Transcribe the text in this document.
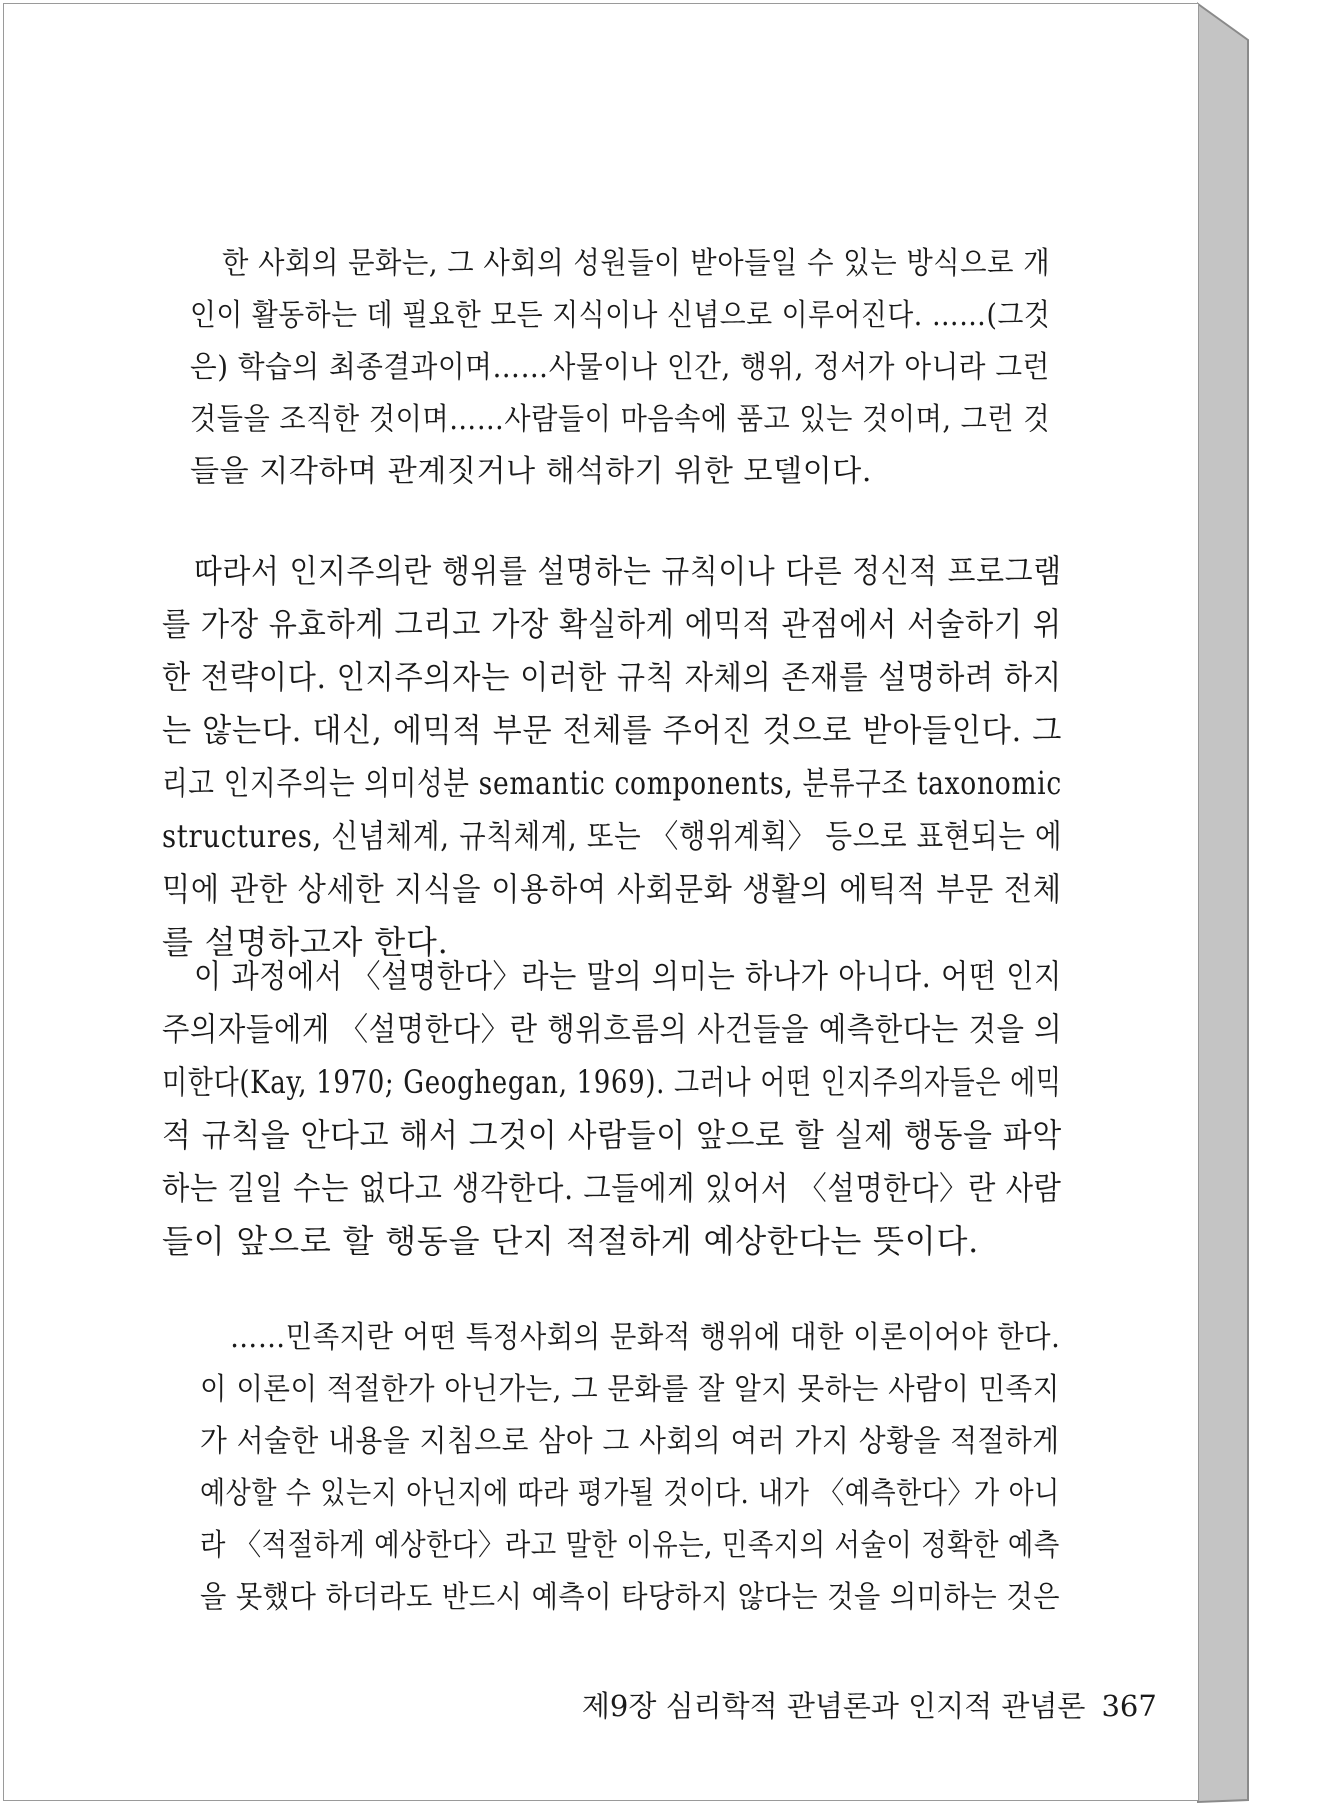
한 사회의 문화는, 그 사회의 성원들이 받아들일 수 있는 방식으로 개
인이 활동하는 데 필요한 모든 지식이나 신념으로 이루어진다. ……(그것
은) 학습의 최종결과이며……사물이나 인간, 행위, 정서가 아니라 그런
것들을 조직한 것이며……사람들이 마음속에 품고 있는 것이며, 그런 것
들을 지각하며 관계짓거나 해석하기 위한 모델이다.
따라서 인지주의란 행위를 설명하는 규칙이나 다른 정신적 프로그램
를 가장 유효하게 그리고 가장 확실하게 에믹적 관점에서 서술하기 위
한 전략이다. 인지주의자는 이러한 규칙 자체의 존재를 설명하려 하지
는 않는다. 대신, 에믹적 부문 전체를 주어진 것으로 받아들인다. 그
리고 인지주의는 의미성분 semantic components, 분류구조 taxonomic
structures, 신념체계, 규칙체계, 또는 〈행위계획〉 등으로 표현되는 에
믹에 관한 상세한 지식을 이용하여 사회문화 생활의 에틱적 부문 전체
를 설명하고자 한다.
이 과정에서 〈설명한다〉라는 말의 의미는 하나가 아니다. 어떤 인지
주의자들에게 〈설명한다〉란 행위흐름의 사건들을 예측한다는 것을 의
미한다(Kay, 1970; Geoghegan, 1969). 그러나 어떤 인지주의자들은 에믹
적 규칙을 안다고 해서 그것이 사람들이 앞으로 할 실제 행동을 파악
하는 길일 수는 없다고 생각한다. 그들에게 있어서 〈설명한다〉란 사람
들이 앞으로 할 행동을 단지 적절하게 예상한다는 뜻이다.
……민족지란 어떤 특정사회의 문화적 행위에 대한 이론이어야 한다.
이 이론이 적절한가 아닌가는, 그 문화를 잘 알지 못하는 사람이 민족지
가 서술한 내용을 지침으로 삼아 그 사회의 여러 가지 상황을 적절하게
예상할 수 있는지 아닌지에 따라 평가될 것이다. 내가 〈예측한다〉가 아니
라 〈적절하게 예상한다〉라고 말한 이유는, 민족지의 서술이 정확한 예측
을 못했다 하더라도 반드시 예측이 타당하지 않다는 것을 의미하는 것은

제9장 심리학적 관념론과 인지적 관념론 367
